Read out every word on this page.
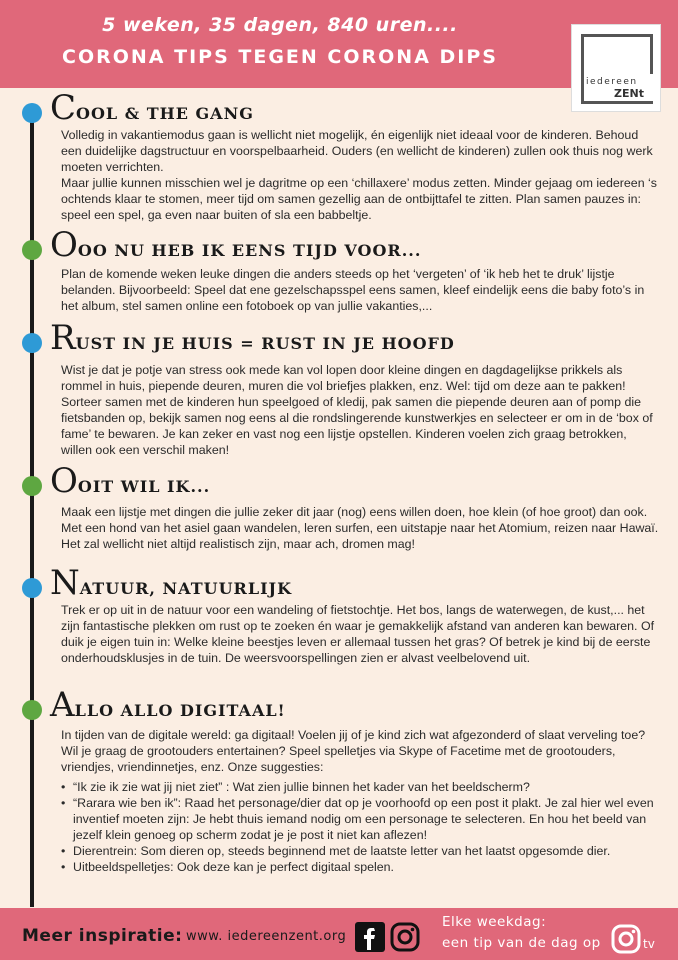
5 weken, 35 dagen, 840 uren....
CORONA TIPS TEGEN CORONA DIPS
iedereen
ZENt
COOL & THE GANG

Volledig in vakantiemodus gaan is wellicht niet mogelijk, én eigenlijk niet ideaal voor de kinderen. Behoud een duidelijke dagstructuur en voorspelbaarheid. Ouders (en wellicht de kinderen) zullen ook thuis nog werk moeten verrichten.

Maar jullie kunnen misschien wel je dagritme op een ‘chillaxere’ modus zetten. Minder gejaag om iedereen ‘s ochtends klaar te stomen, meer tijd om samen gezellig aan de ontbijttafel te zitten. Plan samen pauzes in: speel een spel, ga even naar buiten of sla een babbeltje.

OOO NU HEB IK EENS TIJD VOOR...

Plan de komende weken leuke dingen die anders steeds op het ‘vergeten’ of ‘ik heb het te druk’ lijstje belanden. Bijvoorbeeld: Speel dat ene gezelschapsspel eens samen, kleef eindelijk eens die baby foto’s in het album, stel samen online een fotoboek op van jullie vakanties,...

RUST IN JE HUIS = RUST IN JE HOOFD

Wist je dat je potje van stress ook mede kan vol lopen door kleine dingen en dagdagelijkse prikkels als rommel in huis, piepende deuren, muren die vol briefjes plakken, enz. Wel: tijd om deze aan te pakken! Sorteer samen met de kinderen hun speelgoed of kledij, pak samen die piepende deuren aan of pomp die fietsbanden op, bekijk samen nog eens al die rondslingerende kunstwerkjes en selecteer er om in de ‘box of fame’ te bewaren. Je kan zeker en vast nog een lijstje opstellen. Kinderen voelen zich graag betrokken, willen ook een verschil maken!

OOIT WIL IK...

Maak een lijstje met dingen die jullie zeker dit jaar (nog) eens willen doen, hoe klein (of hoe groot) dan ook. Met een hond van het asiel gaan wandelen, leren surfen, een uitstapje naar het Atomium, reizen naar Hawaï. Het zal wellicht niet altijd realistisch zijn, maar ach, dromen mag!

NATUUR, NATUURLIJK

Trek er op uit in de natuur voor een wandeling of fietstochtje. Het bos, langs de waterwegen, de kust,... het zijn fantastische plekken om rust op te zoeken én waar je gemakkelijk afstand van anderen kan bewaren. Of duik je eigen tuin in: Welke kleine beestjes leven er allemaal tussen het gras? Of betrek je kind bij de eerste onderhoudsklusjes in de tuin. De weersvoorspellingen zien er alvast veelbelovend uit.

ALLO ALLO DIGITAAL!

In tijden van de digitale wereld: ga digitaal! Voelen jij of je kind zich wat afgezonderd of slaat verveling toe? Wil je graag de grootouders entertainen? Speel spelletjes via Skype of Facetime met de grootouders, vriendjes, vriendinnetjes, enz. Onze suggesties:

• “Ik zie ik zie wat jij niet ziet” : Wat zien jullie binnen het kader van het beeldscherm?
• “Rarara wie ben ik”: Raad het personage/dier dat op je voorhoofd op een post it plakt. Je zal hier wel even inventief moeten zijn: Je hebt thuis iemand nodig om een personage te selecteren. En hou het beeld van jezelf klein genoeg op scherm zodat je je post it niet kan aflezen!
• Dierentrein: Som dieren op, steeds beginnend met de laatste letter van het laatst opgesomde dier.
• Uitbeeldspelletjes: Ook deze kan je perfect digitaal spelen.
Meer inspiratie: www. iedereenzent.org
Elke weekdag:
een tip van de dag op	tv
